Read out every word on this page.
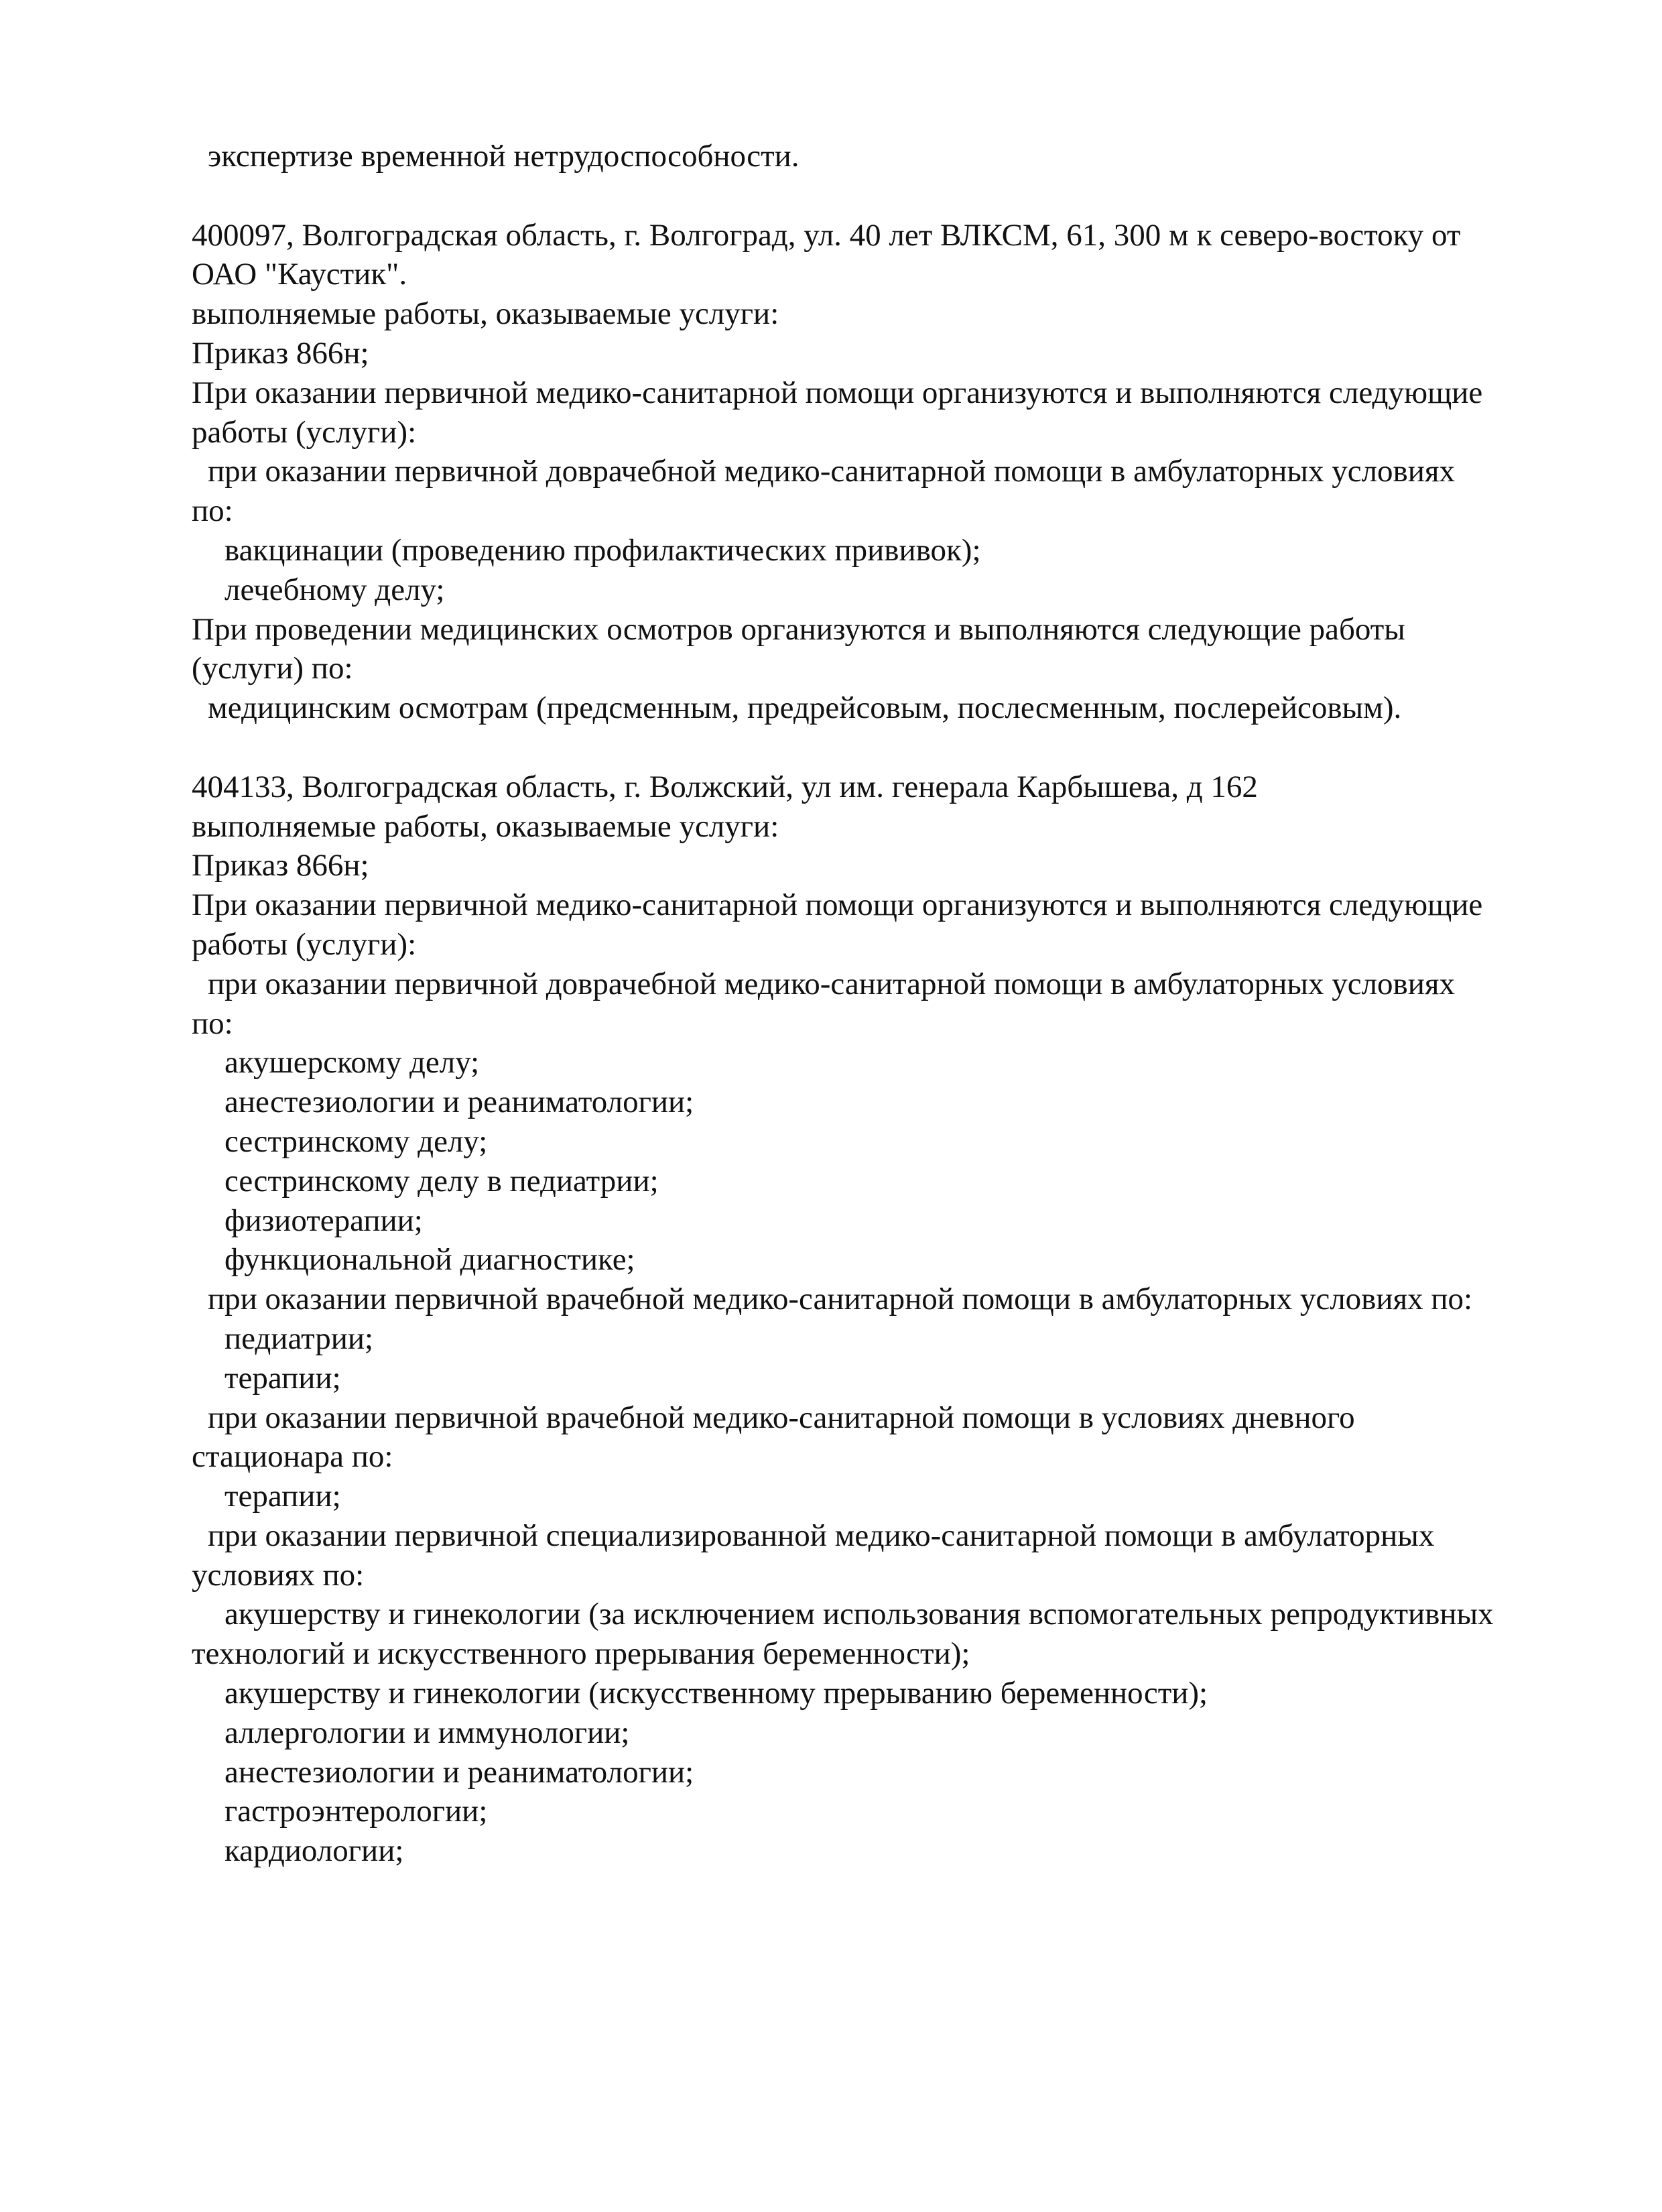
экспертизе временной нетрудоспособности.
400097, Волгоградская область, г. Волгоград, ул. 40 лет ВЛКСМ, 61, 300 м к северо-востоку от
ОАО "Каустик".
выполняемые работы, оказываемые услуги:
Приказ 866н;
При оказании первичной медико-санитарной помощи организуются и выполняются следующие
работы (услуги):
при оказании первичной доврачебной медико-санитарной помощи в амбулаторных условиях
по:
вакцинации (проведению профилактических прививок);
лечебному делу;
При проведении медицинских осмотров организуются и выполняются следующие работы
(услуги) по:
медицинским осмотрам (предсменным, предрейсовым, послесменным, послерейсовым).
404133, Волгоградская область, г. Волжский, ул им. генерала Карбышева, д 162
выполняемые работы, оказываемые услуги:
Приказ 866н;
При оказании первичной медико-санитарной помощи организуются и выполняются следующие
работы (услуги):
при оказании первичной доврачебной медико-санитарной помощи в амбулаторных условиях
по:
акушерскому делу;
анестезиологии и реаниматологии;
сестринскому делу;
сестринскому делу в педиатрии;
физиотерапии;
функциональной диагностике;
при оказании первичной врачебной медико-санитарной помощи в амбулаторных условиях по:
педиатрии;
терапии;
при оказании первичной врачебной медико-санитарной помощи в условиях дневного
стационара по:
терапии;
при оказании первичной специализированной медико-санитарной помощи в амбулаторных
условиях по:
акушерству и гинекологии (за исключением использования вспомогательных репродуктивных
технологий и искусственного прерывания беременности);
акушерству и гинекологии (искусственному прерыванию беременности);
аллергологии и иммунологии;
анестезиологии и реаниматологии;
гастроэнтерологии;
кардиологии;
